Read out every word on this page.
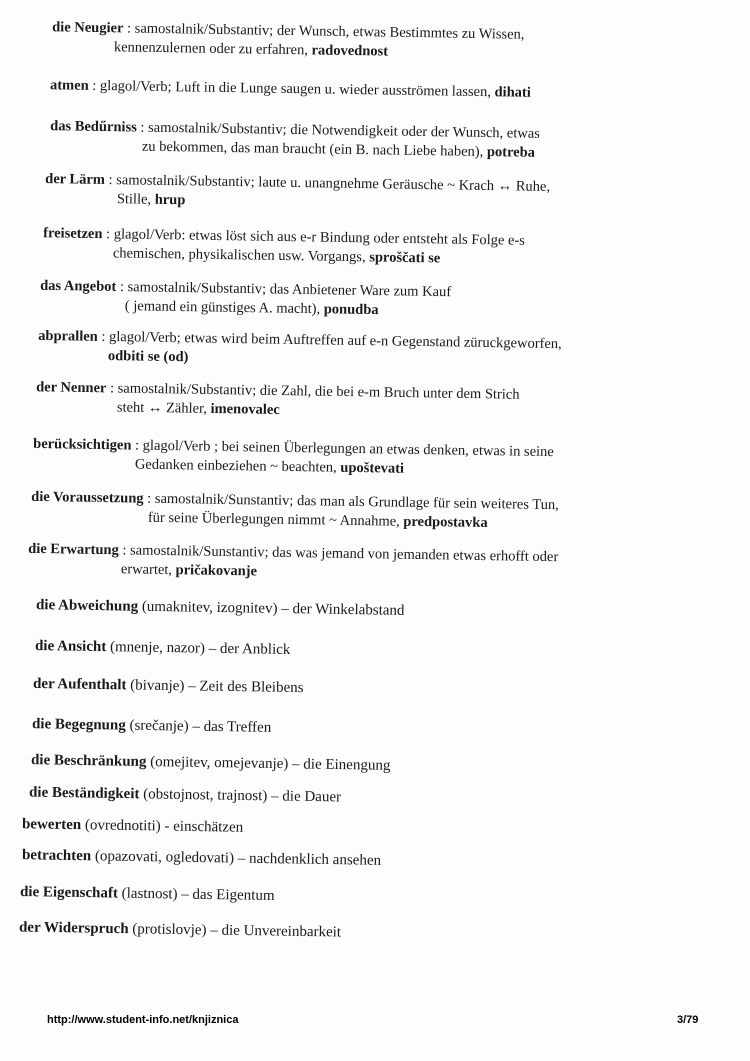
die Neugier : samostalnik/Substantiv; der Wunsch, etwas Bestimmtes zu Wissen,
kennenzulernen oder zu erfahren, radovednost
atmen : glagol/Verb; Luft in die Lunge saugen u. wieder ausströmen lassen, dihati
das Bedűrniss : samostalnik/Substantiv; die Notwendigkeit oder der Wunsch, etwas
zu bekommen, das man braucht (ein B. nach Liebe haben), potreba
der Lärm : samostalnik/Substantiv; laute u. unangnehme Geräusche ~ Krach ↔ Ruhe,
Stille, hrup
freisetzen : glagol/Verb: etwas löst sich aus e-r Bindung oder entsteht als Folge e-s
chemischen, physikalischen usw. Vorgangs, sproščati se
das Angebot : samostalnik/Substantiv; das Anbietener Ware zum Kauf
( jemand ein günstiges A. macht), ponudba
abprallen : glagol/Verb; etwas wird beim Auftreffen auf e-n Gegenstand züruckgeworfen,
odbiti se (od)
der Nenner : samostalnik/Substantiv; die Zahl, die bei e-m Bruch unter dem Strich
steht ↔ Zähler, imenovalec
berücksichtigen : glagol/Verb ; bei seinen Überlegungen an etwas denken, etwas in seine
Gedanken einbeziehen ~ beachten, upoštevati
die Voraussetzung : samostalnik/Sunstantiv; das man als Grundlage für sein weiteres Tun,
für seine Überlegungen nimmt ~ Annahme, predpostavka
die Erwartung : samostalnik/Sunstantiv; das was jemand von jemanden etwas erhofft oder
erwartet, pričakovanje
die Abweichung (umaknitev, izognitev) – der Winkelabstand
die Ansicht (mnenje, nazor) – der Anblick
der Aufenthalt (bivanje) – Zeit des Bleibens
die Begegnung (srečanje) – das Treffen
die Beschränkung (omejitev, omejevanje) – die Einengung
die Beständigkeit (obstojnost, trajnost) – die Dauer
bewerten (ovrednotiti) - einschätzen
betrachten (opazovati, ogledovati) – nachdenklich ansehen
die Eigenschaft (lastnost) – das Eigentum
der Widerspruch (protislovje) – die Unvereinbarkeit
http://www.student-info.net/knjiznica	3/79
